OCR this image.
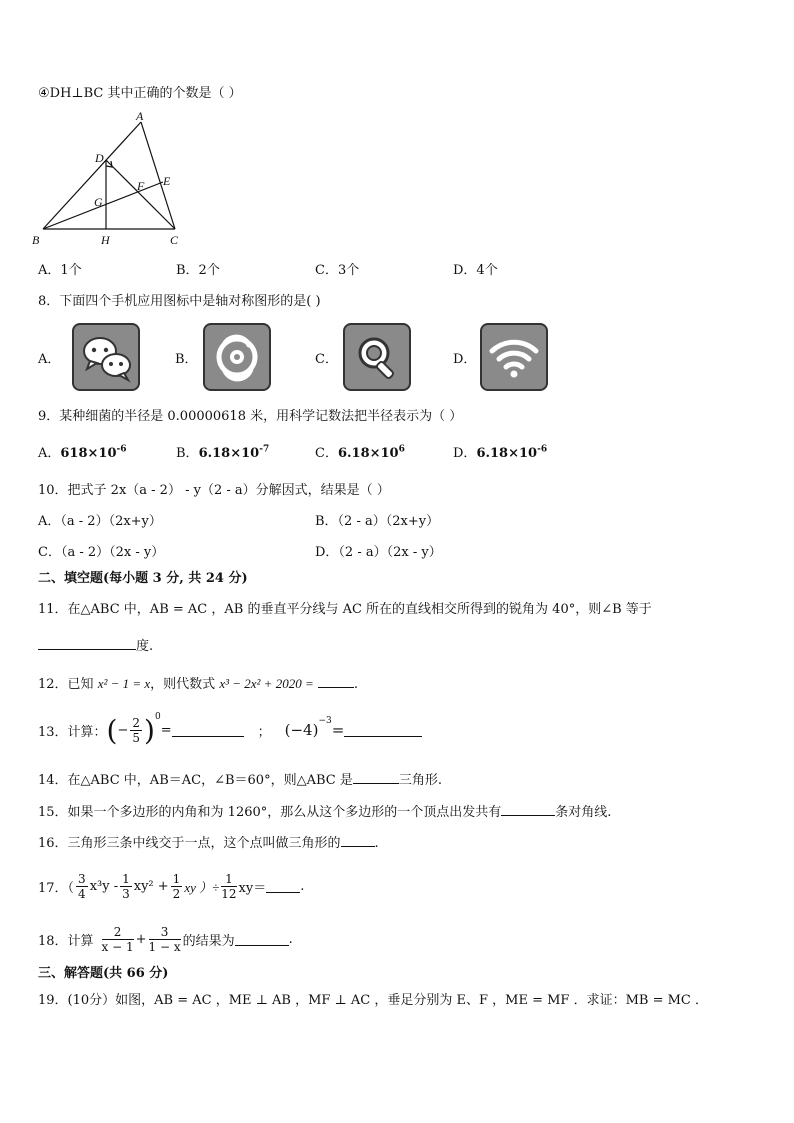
④DH⊥BC 其中正确的个数是（ ）
A
B	C
D
E
F
G
H
A．1个	B．2个	C．3个	D．4个
8．下面四个手机应用图标中是轴对称图形的是( )
A．	B．	C．	D．
9．某种细菌的半径是 0.00000618 米，用科学记数法把半径表示为（ ）
A．$618\times 10^{-6}$	B．$6.18\times 10^{-7}$	C．$6.18\times 10^6$	D．$6.18\times 10^{-6}$
10．把式子 2x（a - 2） - y（2 - a）分解因式，结果是（ ）
A．（a - 2）（2x+y）	B．（2 - a）（2x+y）
C．（a - 2）（2x - y）	D．（2 - a）（2x - y）
二、填空题(每小题 3 分, 共 24 分)
11．在△ABC 中，AB = AC ，AB 的垂直平分线与 AC 所在的直线相交所得到的锐角为 40°，则∠B 等于
度.
12．已知 x² − 1 = x，则代数式 x³ − 2x² + 2020 =	.
13．计算： ( − $\frac{2}{5} )^0$
=	； $(-4)^{-3}$ =
14．在△ABC 中，AB＝AC，∠B＝60°，则△ABC 是	三角形.
15．如果一个多边形的内角和为 1260°，那么从这个多边形的一个顶点出发共有	条对角线.
16．三角形三条中线交于一点，这个点叫做三角形的	.
17．（ $\frac{3}{4} x^3y - \frac{1}{3} xy^2 + \frac{1}{2}$ xy ）÷ $\frac{1}{12} xy=$	.
18．计算 $\frac{2}{x - 1} + \frac{3}{1 - x}$ 的结果为	.
三、解答题(共 66 分)
19．(10分）如图，AB = AC ，ME ⊥ AB ，MF ⊥ AC ，垂足分别为 E、F ，ME = MF ．求证：MB = MC ．
